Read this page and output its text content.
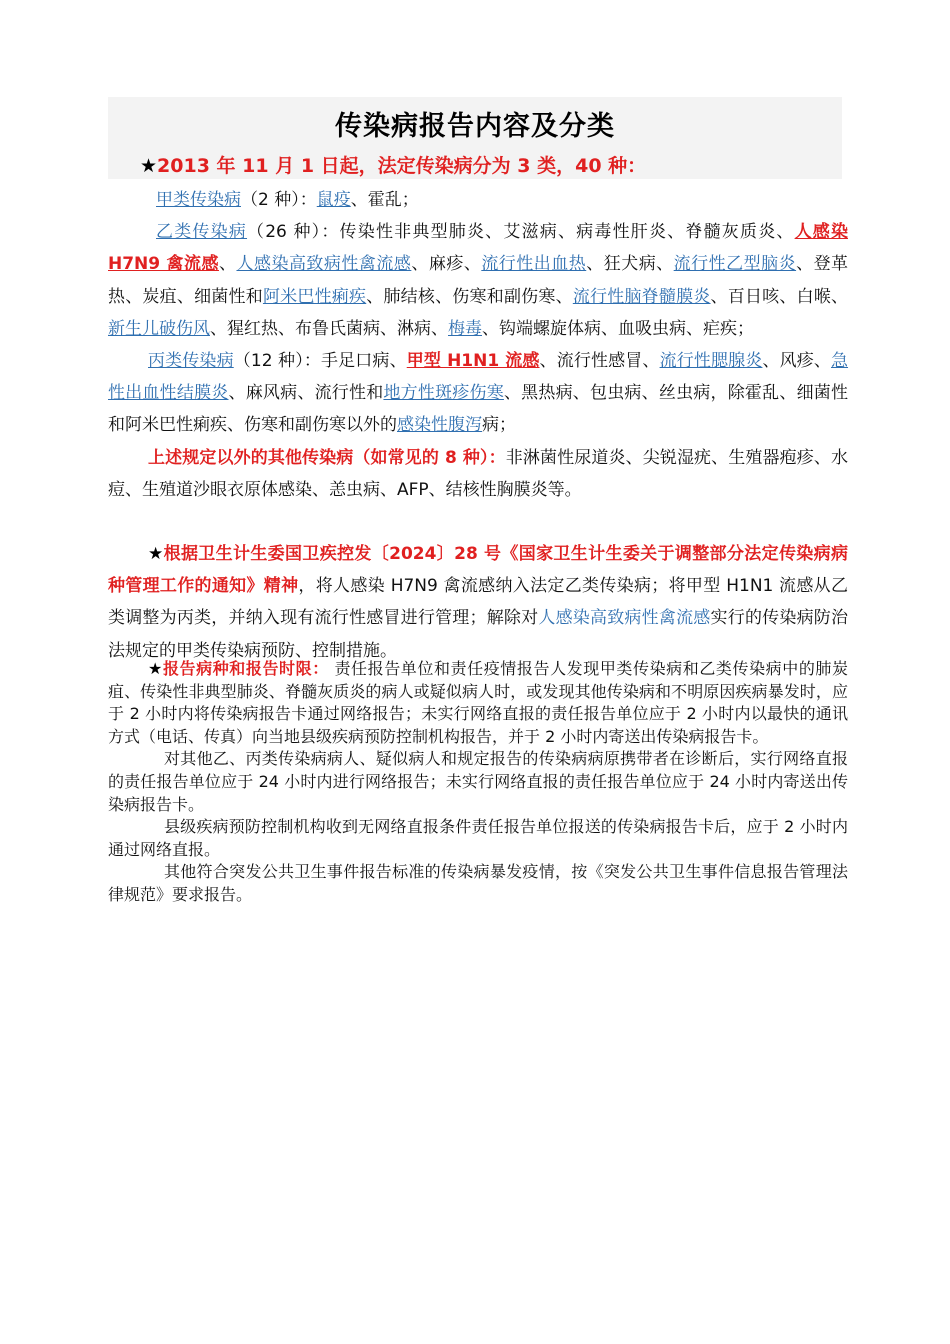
传染病报告内容及分类
★2013 年 11 月 1 日起，法定传染病分为 3 类，40 种：

甲类传染病（2 种）：鼠疫、霍乱；

乙类传染病（26 种）：传染性非典型肺炎、艾滋病、病毒性肝炎、脊髓灰质炎、人感染 H7N9 禽流感、人感染高致病性禽流感、麻疹、流行性出血热、狂犬病、流行性乙型脑炎、登革热、炭疽、细菌性和阿米巴性痢疾、肺结核、伤寒和副伤寒、流行性脑脊髓膜炎、百日咳、白喉、新生儿破伤风、猩红热、布鲁氏菌病、淋病、梅毒、钩端螺旋体病、血吸虫病、疟疾；

丙类传染病（12 种）：手足口病、甲型 H1N1 流感、流行性感冒、流行性腮腺炎、风疹、急性出血性结膜炎、麻风病、流行性和地方性斑疹伤寒、黑热病、包虫病、丝虫病，除霍乱、细菌性和阿米巴性痢疾、伤寒和副伤寒以外的感染性腹泻病；

上述规定以外的其他传染病（如常见的 8 种）：非淋菌性尿道炎、尖锐湿疣、生殖器疱疹、水痘、生殖道沙眼衣原体感染、恙虫病、AFP、结核性胸膜炎等。

★根据卫生计生委国卫疾控发〔2024〕28 号《国家卫生计生委关于调整部分法定传染病病种管理工作的通知》精神，将人感染 H7N9 禽流感纳入法定乙类传染病；将甲型 H1N1 流感从乙类调整为丙类，并纳入现有流行性感冒进行管理；解除对人感染高致病性禽流感实行的传染病防治法规定的甲类传染病预防、控制措施。

★报告病种和报告时限： 责任报告单位和责任疫情报告人发现甲类传染病和乙类传染病中的肺炭疽、传染性非典型肺炎、脊髓灰质炎的病人或疑似病人时，或发现其他传染病和不明原因疾病暴发时，应于 2 小时内将传染病报告卡通过网络报告；未实行网络直报的责任报告单位应于 2 小时内以最快的通讯方式（电话、传真）向当地县级疾病预防控制机构报告，并于 2 小时内寄送出传染病报告卡。

对其他乙、丙类传染病病人、疑似病人和规定报告的传染病病原携带者在诊断后，实行网络直报的责任报告单位应于 24 小时内进行网络报告；未实行网络直报的责任报告单位应于 24 小时内寄送出传染病报告卡。

县级疾病预防控制机构收到无网络直报条件责任报告单位报送的传染病报告卡后，应于 2 小时内通过网络直报。

其他符合突发公共卫生事件报告标准的传染病暴发疫情，按《突发公共卫生事件信息报告管理法律规范》要求报告。
